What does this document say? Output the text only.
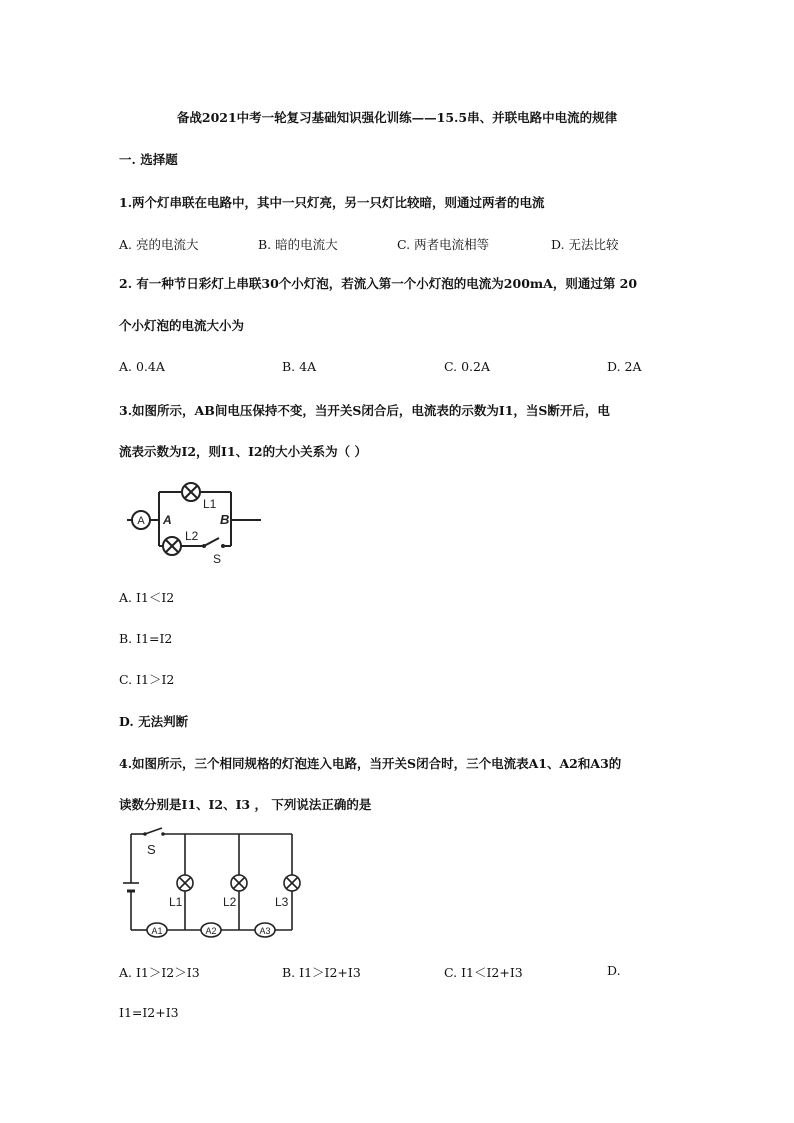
备战2021中考一轮复习基础知识强化训练——15.5串、并联电路中电流的规律
一. 选择题
1.两个灯串联在电路中，其中一只灯亮，另一只灯比较暗，则通过两者的电流
A. 亮的电流大	B. 暗的电流大	C. 两者电流相等	D. 无法比较
2. 有一种节日彩灯上串联30个小灯泡，若流入第一个小灯泡的电流为200mA，则通过第 20
个小灯泡的电流大小为
A. 0.4A	B. 4A	C. 0.2A	D. 2A
3.如图所示，AB间电压保持不变，当开关S闭合后，电流表的示数为I1，当S断开后，电
流表示数为I2，则I1、I2的大小关系为（ ）
A A	B
L1
L2
S
A. I1＜I2
B. I1=I2
C. I1＞I2
D. 无法判断
4.如图所示，三个相同规格的灯泡连入电路，当开关S闭合时，三个电流表A1、A2和A3的
读数分别是I1、I2、I3 ， 下列说法正确的是
S
L1	L2	L3
A1	A2	A3
A. I1＞I2＞I3	B. I1＞I2+I3	C. I1＜I2+I3	D.
I1=I2+I3
